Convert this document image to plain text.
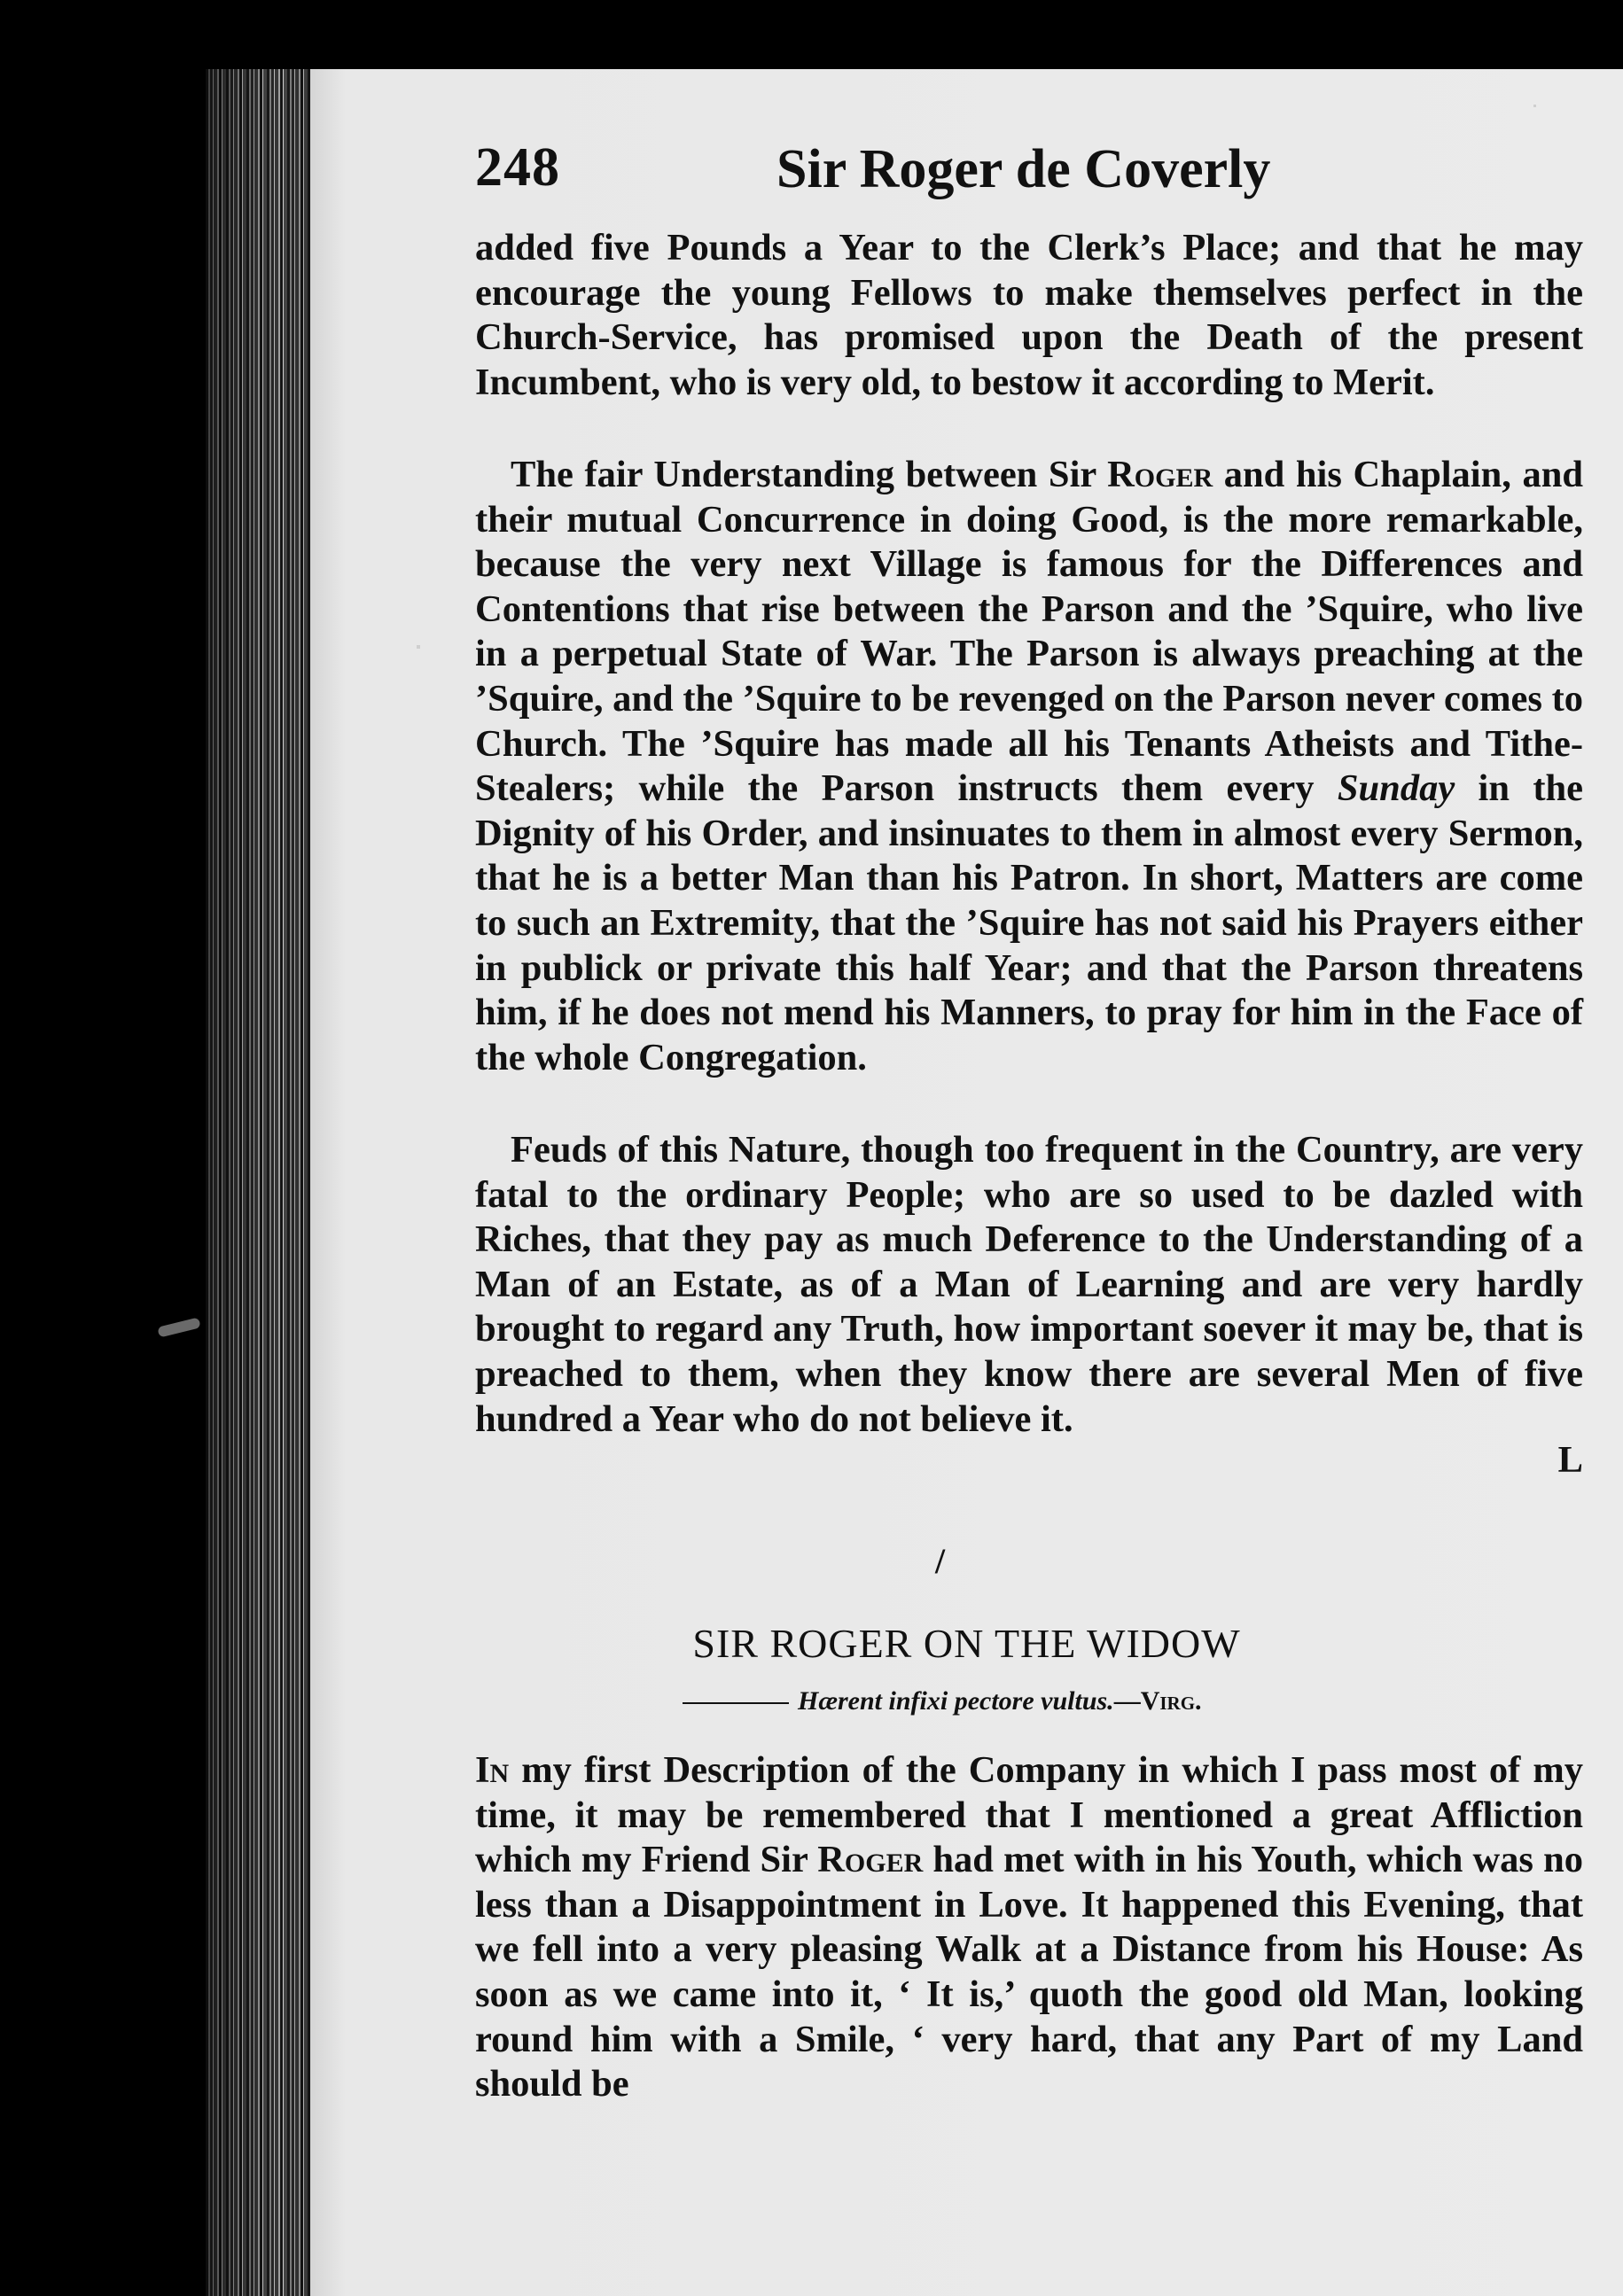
248	Sir Roger de Coverly

added five Pounds a Year to the Clerk’s Place; and that he may encourage the young Fellows to make themselves perfect in the Church-Service, has promised upon the Death of the present Incumbent, who is very old, to bestow it according to Merit.

The fair Understanding between Sir Roger and his Chaplain, and their mutual Concurrence in doing Good, is the more remarkable, because the very next Village is famous for the Differences and Contentions that rise between the Parson and the ’Squire, who live in a perpetual State of War. The Parson is always preaching at the ’Squire, and the ’Squire to be revenged on the Parson never comes to Church. The ’Squire has made all his Tenants Atheists and Tithe-Stealers; while the Parson instructs them every Sunday in the Dignity of his Order, and insinuates to them in almost every Sermon, that he is a better Man than his Patron. In short, Matters are come to such an Extremity, that the ’Squire has not said his Prayers either in publick or private this half Year; and that the Parson threatens him, if he does not mend his Manners, to pray for him in the Face of the whole Congregation.

Feuds of this Nature, though too frequent in the Country, are very fatal to the ordinary People; who are so used to be dazled with Riches, that they pay as much Deference to the Understanding of a Man of an Estate, as of a Man of Learning and are very hardly brought to regard any Truth, how important soever it may be, that is preached to them, when they know there are several Men of five hundred a Year who do not believe it.

L
/
SIR ROGER ON THE WIDOW
Hærent infixi pectore vultus.—Virg.

In my first Description of the Company in which I pass most of my time, it may be remembered that I mentioned a great Affliction which my Friend Sir Roger had met with in his Youth, which was no less than a Disappointment in Love. It happened this Evening, that we fell into a very pleasing Walk at a Distance from his House: As soon as we came into it, ‘ It is,’ quoth the good old Man, looking round him with a Smile, ‘ very hard, that any Part of my Land should be
